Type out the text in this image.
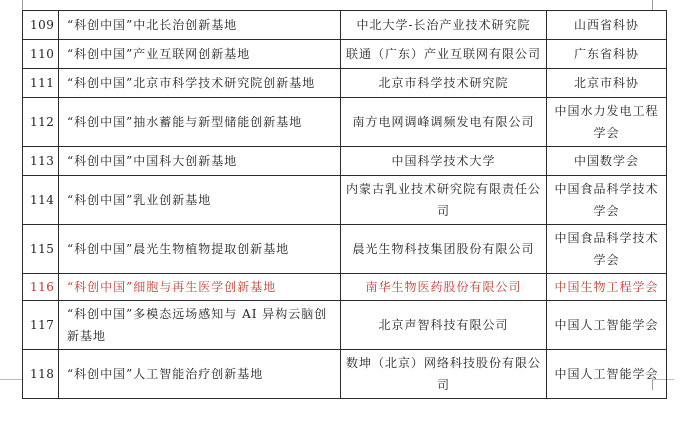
109	“科创中国”中北长治创新基地	中北大学-长治产业技术研究院	山西省科协
110	“科创中国”产业互联网创新基地	联通（广东）产业互联网有限公司	广东省科协
111	“科创中国”北京市科学技术研究院创新基地	北京市科学技术研究院	北京市科协
112	“科创中国”抽水蓄能与新型储能创新基地	南方电网调峰调频发电有限公司	中国水力发电工程学会
113	“科创中国”中国科大创新基地	中国科学技术大学	中国数学会
114	“科创中国”乳业创新基地	内蒙古乳业技术研究院有限责任公司	中国食品科学技术学会
115	“科创中国”晨光生物植物提取创新基地	晨光生物科技集团股份有限公司	中国食品科学技术学会
116	“科创中国”细胞与再生医学创新基地	南华生物医药股份有限公司	中国生物工程学会
117	“科创中国”多模态远场感知与 AI 异构云脑创新基地	北京声智科技有限公司	中国人工智能学会
118	“科创中国”人工智能治疗创新基地	数坤（北京）网络科技股份有限公司	中国人工智能学会
